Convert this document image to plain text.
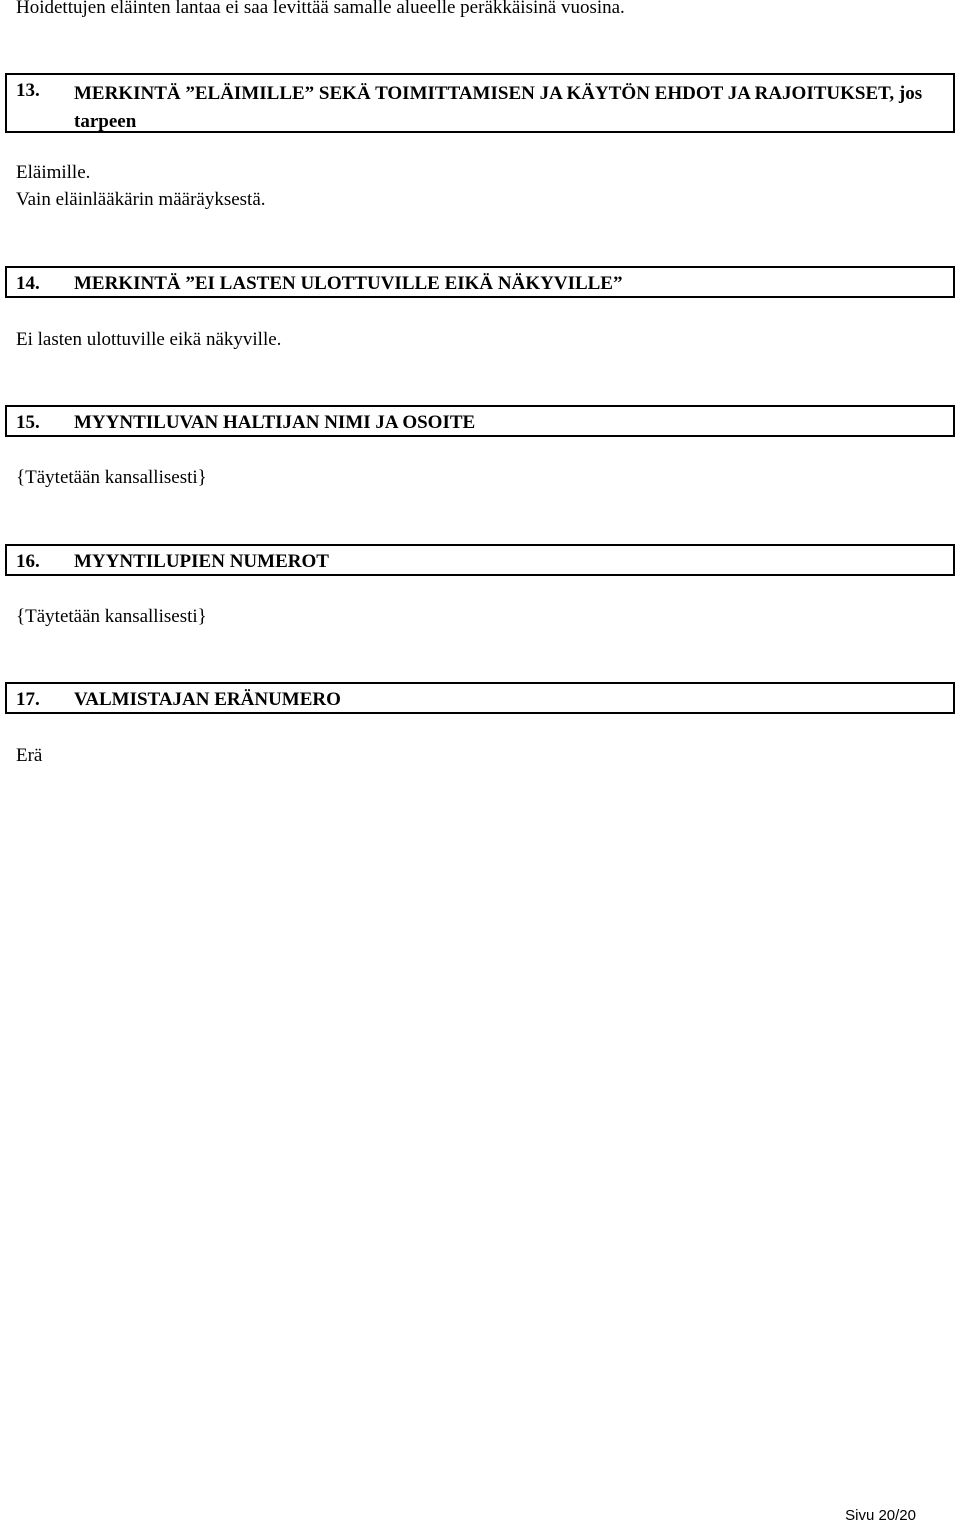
Hoidettujen eläinten lantaa ei saa levittää samalle alueelle peräkkäisinä vuosina.
13. MERKINTÄ ”ELÄIMILLE” SEKÄ TOIMITTAMISEN JA KÄYTÖN EHDOT JA RAJOITUKSET, jos tarpeen
Eläimille.
Vain eläinlääkärin määräyksestä.
14. MERKINTÄ ”EI LASTEN ULOTTUVILLE EIKÄ NÄKYVILLE”
Ei lasten ulottuville eikä näkyville.
15. MYYNTILUVAN HALTIJAN NIMI JA OSOITE
{Täytetään kansallisesti}
16. MYYNTILUPIEN NUMEROT
{Täytetään kansallisesti}
17. VALMISTAJAN ERÄNUMERO
Erä
Sivu 20/20
